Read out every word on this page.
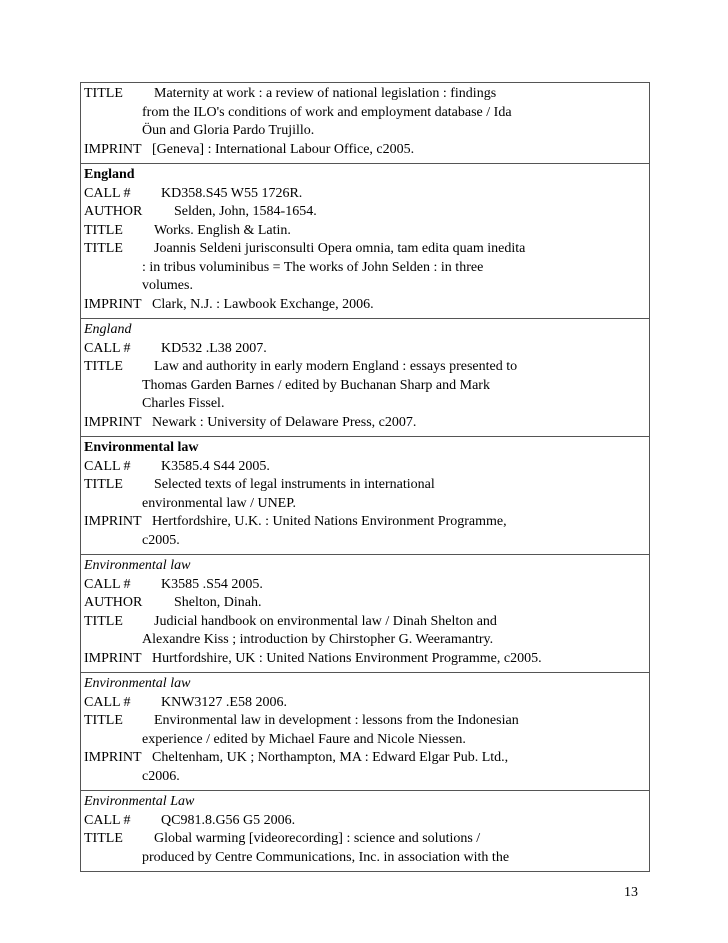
TITLE	Maternity at work : a review of national legislation : findings
from the ILO's conditions of work and employment database / Ida
Öun and Gloria Pardo Trujillo.
IMPRINT [Geneva] : International Labour Office, c2005.
England
CALL #	KD358.S45 W55 1726R.
AUTHOR	Selden, John, 1584-1654.
TITLE	Works. English & Latin.
TITLE	Joannis Seldeni jurisconsulti Opera omnia, tam edita quam inedita
: in tribus voluminibus = The works of John Selden : in three
volumes.
IMPRINT Clark, N.J. : Lawbook Exchange, 2006.
England
CALL #	KD532 .L38 2007.
TITLE	Law and authority in early modern England : essays presented to
Thomas Garden Barnes / edited by Buchanan Sharp and Mark
Charles Fissel.
IMPRINT Newark : University of Delaware Press, c2007.
Environmental law
CALL #	K3585.4 S44 2005.
TITLE	Selected texts of legal instruments in international
environmental law / UNEP.
IMPRINT Hertfordshire, U.K. : United Nations Environment Programme,
c2005.
Environmental law
CALL #	K3585 .S54 2005.
AUTHOR	Shelton, Dinah.
TITLE	Judicial handbook on environmental law / Dinah Shelton and
Alexandre Kiss ; introduction by Chirstopher G. Weeramantry.
IMPRINT Hurtfordshire, UK : United Nations Environment Programme, c2005.
Environmental law
CALL #	KNW3127 .E58 2006.
TITLE	Environmental law in development : lessons from the Indonesian
experience / edited by Michael Faure and Nicole Niessen.
IMPRINT Cheltenham, UK ; Northampton, MA : Edward Elgar Pub. Ltd.,
c2006.
Environmental Law
CALL #	QC981.8.G56 G5 2006.
TITLE	Global warming [videorecording] : science and solutions /
produced by Centre Communications, Inc. in association with the
13
